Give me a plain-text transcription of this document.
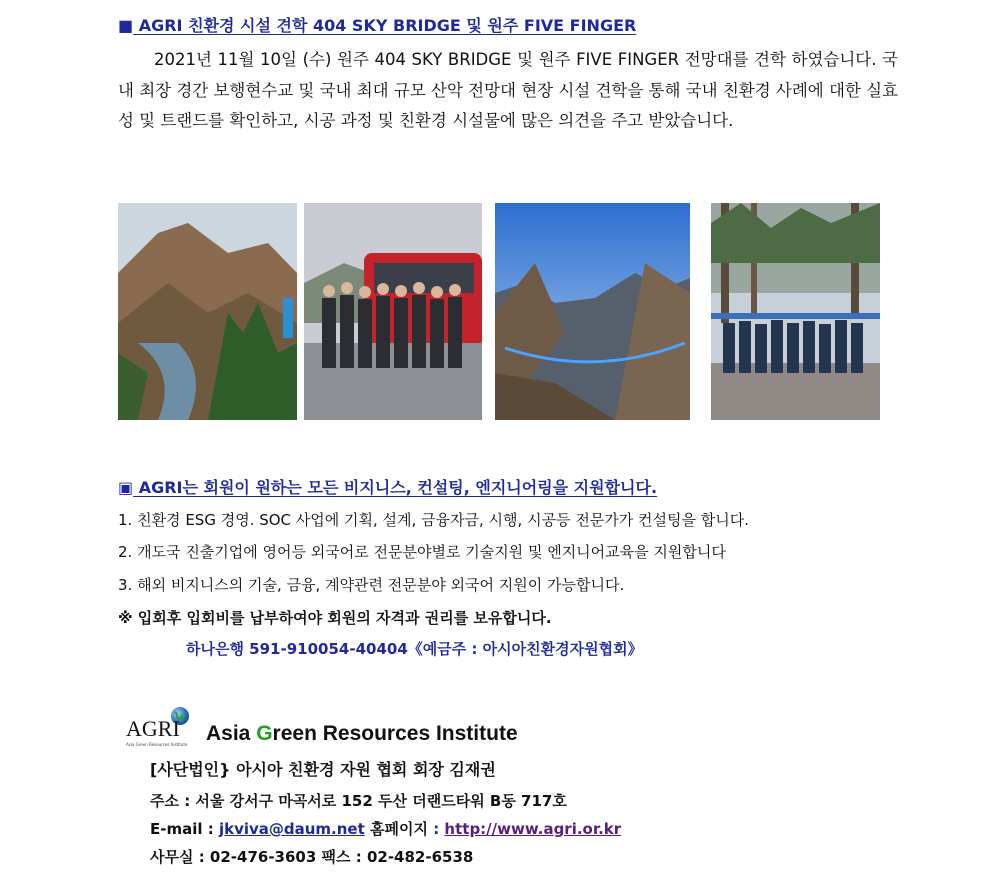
■ AGRI 친환경 시설 견학 404 SKY BRIDGE 및 원주 FIVE FINGER
2021년 11월 10일 (수) 원주 404 SKY BRIDGE 및 원주 FIVE FINGER 전망대를 견학 하였습니다. 국내 최장 경간 보행현수교 및 국내 최대 규모 산악 전망대 현장 시설 견학을 통해 국내 친환경 사례에 대한 실효성 및 트랜드를 확인하고, 시공 과정 및 친환경 시설물에 많은 의견을 주고 받았습니다.
▣ AGRI는 회원이 원하는 모든 비지니스, 컨설팅, 엔지니어링을 지원합니다.
1. 친환경 ESG 경영. SOC 사업에 기획, 설계, 금융자금, 시행, 시공등 전문가가 컨설팅을 합니다.
2. 개도국 진출기업에 영어등 외국어로 전문분야별로 기술지원 및 엔지니어교육을 지원합니다
3. 해외 비지니스의 기술, 금융, 계약관련 전문분야 외국어 지원이 가능합니다.
※ 입회후 입회비를 납부하여야 회원의 자격과 권리를 보유합니다.
하나은행 591-910054-40404《예금주 : 아시아친환경자원협회》
AGRI
Asia Green Resources Institute Asia Green Resources Institute
[사단법인} 아시아 친환경 자원 협회 회장 김재권
주소 : 서울 강서구 마곡서로 152 두산 더랜드타워 B동 717호
E-mail : jkviva@daum.net 홈페이지 : http://www.agri.or.kr
사무실 : 02-476-3603 팩스 : 02-482-6538
